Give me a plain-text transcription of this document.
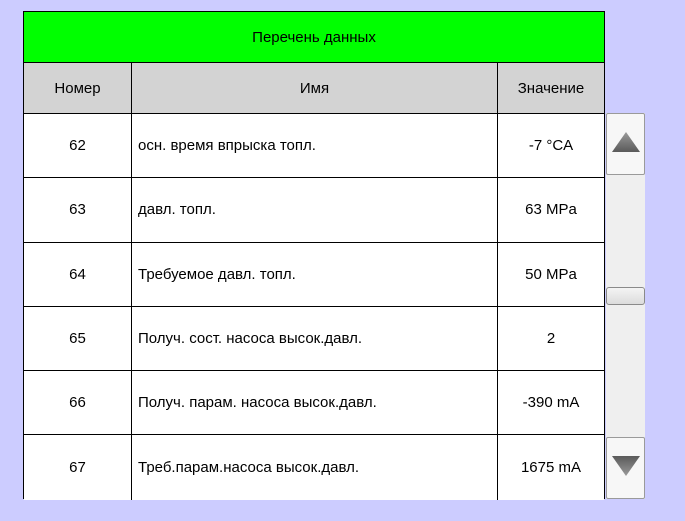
Перечень данных
Номер	Имя	Значение
62	осн. время впрыска топл.	-7 °CA
63	давл. топл.	63 MPa
64	Требуемое давл. топл.	50 MPa
65	Получ. сост. насоса высок.давл.	2
66	Получ. парам. насоса высок.давл.	-390 mA
67	Треб.парам.насоса высок.давл.	1675 mA
